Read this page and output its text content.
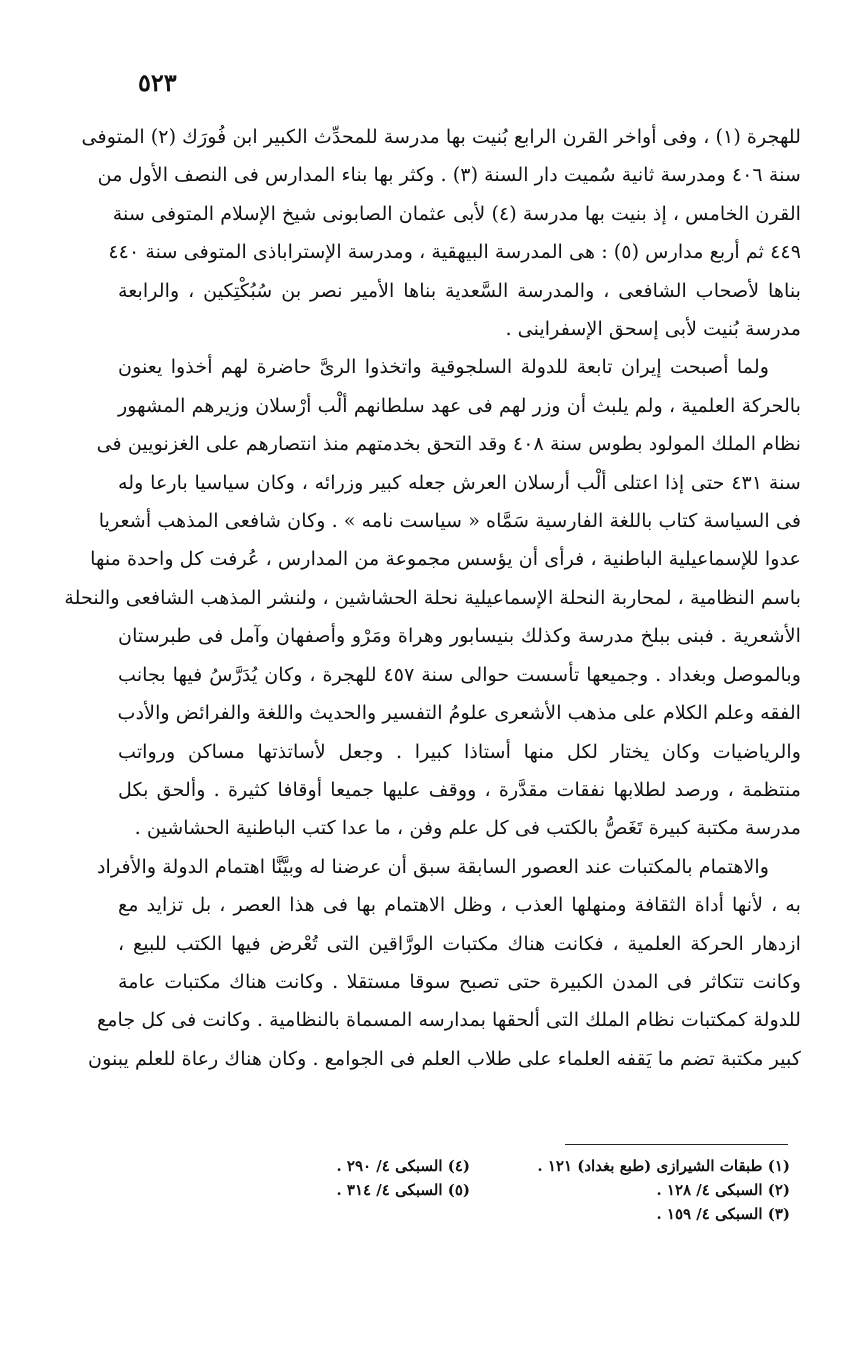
٥٢٣
للهجرة (١) ، وفى أواخر القرن الرابع بُنيت بها مدرسة للمحدِّث الكبير ابن فُورَك (٢) المتوفى
سنة ٤٠٦ ومدرسة ثانية سُميت دار السنة (٣) . وكثر بها بناء المدارس فى النصف الأول من
القرن الخامس ، إذ بنيت بها مدرسة (٤) لأبى عثمان الصابونى شيخ الإسلام المتوفى سنة
٤٤٩ ثم أربع مدارس (٥) : هى المدرسة البيهقية ، ومدرسة الإستراباذى المتوفى سنة ٤٤٠
بناها لأصحاب الشافعى ، والمدرسة السَّعدية بناها الأمير نصر بن سُبُكْتِكين ، والرابعة
مدرسة بُنيت لأبى إسحق الإسفراينى .
ولما أصبحت إيران تابعة للدولة السلجوقية واتخذوا الرىَّ حاضرة لهم أخذوا يعنون
بالحركة العلمية ، ولم يلبث أن وزر لهم فى عهد سلطانهم ألْب أرْسلان وزيرهم المشهور
نظام الملك المولود بطوس سنة ٤٠٨ وقد التحق بخدمتهم منذ انتصارهم على الغزنويين فى
سنة ٤٣١ حتى إذا اعتلى ألْب أرسلان العرش جعله كبير وزرائه ، وكان سياسيا بارعا وله
فى السياسة كتاب باللغة الفارسية سَمَّاه « سياست نامه » . وكان شافعى المذهب أشعريا
عدوا للإسماعيلية الباطنية ، فرأى أن يؤسس مجموعة من المدارس ، عُرفت كل واحدة منها
باسم النظامية ، لمحاربة النحلة الإسماعيلية نحلة الحشاشين ، ولنشر المذهب الشافعى والنحلة
الأشعرية . فبنى ببلخ مدرسة وكذلك بنيسابور وهراة ومَرْو وأصفهان وآمل فى طبرستان
وبالموصل وبغداد . وجميعها تأسست حوالى سنة ٤٥٧ للهجرة ، وكان يُدَرَّسُ فيها بجانب
الفقه وعلم الكلام على مذهب الأشعرى علومُ التفسير والحديث واللغة والفرائض والأدب
والرياضيات وكان يختار لكل منها أستاذا كبيرا . وجعل لأساتذتها مساكن ورواتب
منتظمة ، ورصد لطلابها نفقات مقدَّرة ، ووقف عليها جميعا أوقافا كثيرة . وألحق بكل
مدرسة مكتبة كبيرة تَغَصُّ بالكتب فى كل علم وفن ، ما عدا كتب الباطنية الحشاشين .
والاهتمام بالمكتبات عند العصور السابقة سبق أن عرضنا له وبيَّنَّا اهتمام الدولة والأفراد
به ، لأنها أداة الثقافة ومنهلها العذب ، وظل الاهتمام بها فى هذا العصر ، بل تزايد مع
ازدهار الحركة العلمية ، فكانت هناك مكتبات الورَّاقين التى تُعْرض فيها الكتب للبيع ،
وكانت تتكاثر فى المدن الكبيرة حتى تصبح سوقا مستقلا . وكانت هناك مكتبات عامة
للدولة كمكتبات نظام الملك التى ألحقها بمدارسه المسماة بالنظامية . وكانت فى كل جامع
كبير مكتبة تضم ما يَقفه العلماء على طلاب العلم فى الجوامع . وكان هناك رعاة للعلم يبنون
(١) طبقات الشيرازى (طبع بغداد) ١٢١ .
(٢) السبكى ٤/ ١٢٨ .
(٣) السبكى ٤/ ١٥٩ .
(٤) السبكى ٤/ ٢٩٠ .
(٥) السبكى ٤/ ٣١٤ .
